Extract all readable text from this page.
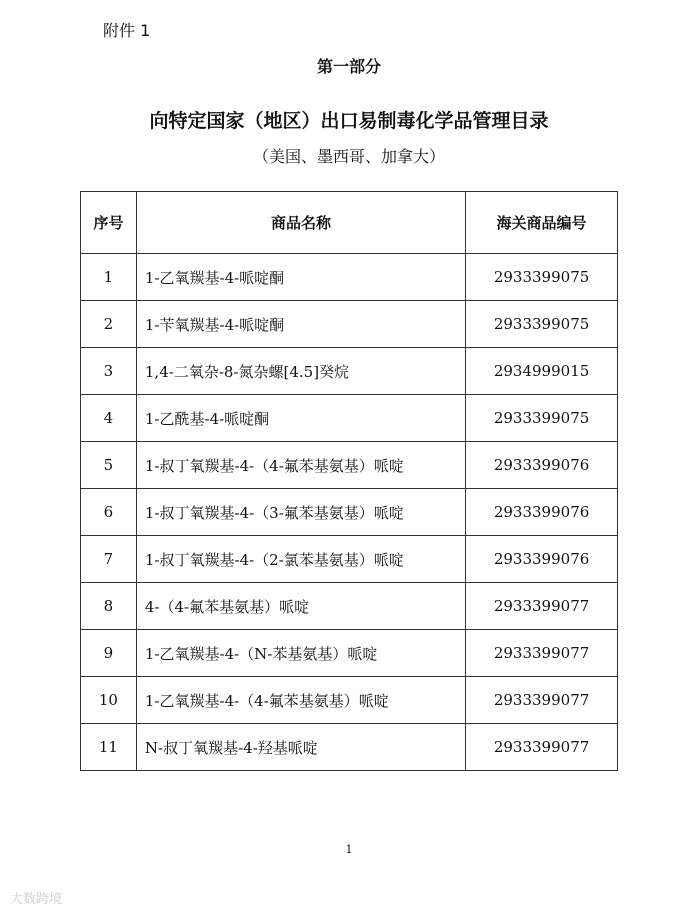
附件 1
第一部分
向特定国家（地区）出口易制毒化学品管理目录
（美国、墨西哥、加拿大）
序号	商品名称	海关商品编号
1	1-乙氧羰基-4-哌啶酮	2933399075
2	1-苄氧羰基-4-哌啶酮	2933399075
3	1,4-二氧杂-8-氮杂螺[4.5]癸烷	2934999015
4	1-乙酰基-4-哌啶酮	2933399075
5	1-叔丁氧羰基-4-（4-氟苯基氨基）哌啶	2933399076
6	1-叔丁氧羰基-4-（3-氟苯基氨基）哌啶	2933399076
7	1-叔丁氧羰基-4-（2-氯苯基氨基）哌啶	2933399076
8	4-（4-氟苯基氨基）哌啶	2933399077
9	1-乙氧羰基-4-（N-苯基氨基）哌啶	2933399077
10	1-乙氧羰基-4-（4-氟苯基氨基）哌啶	2933399077
11	N-叔丁氧羰基-4-羟基哌啶	2933399077
1
大数跨境
